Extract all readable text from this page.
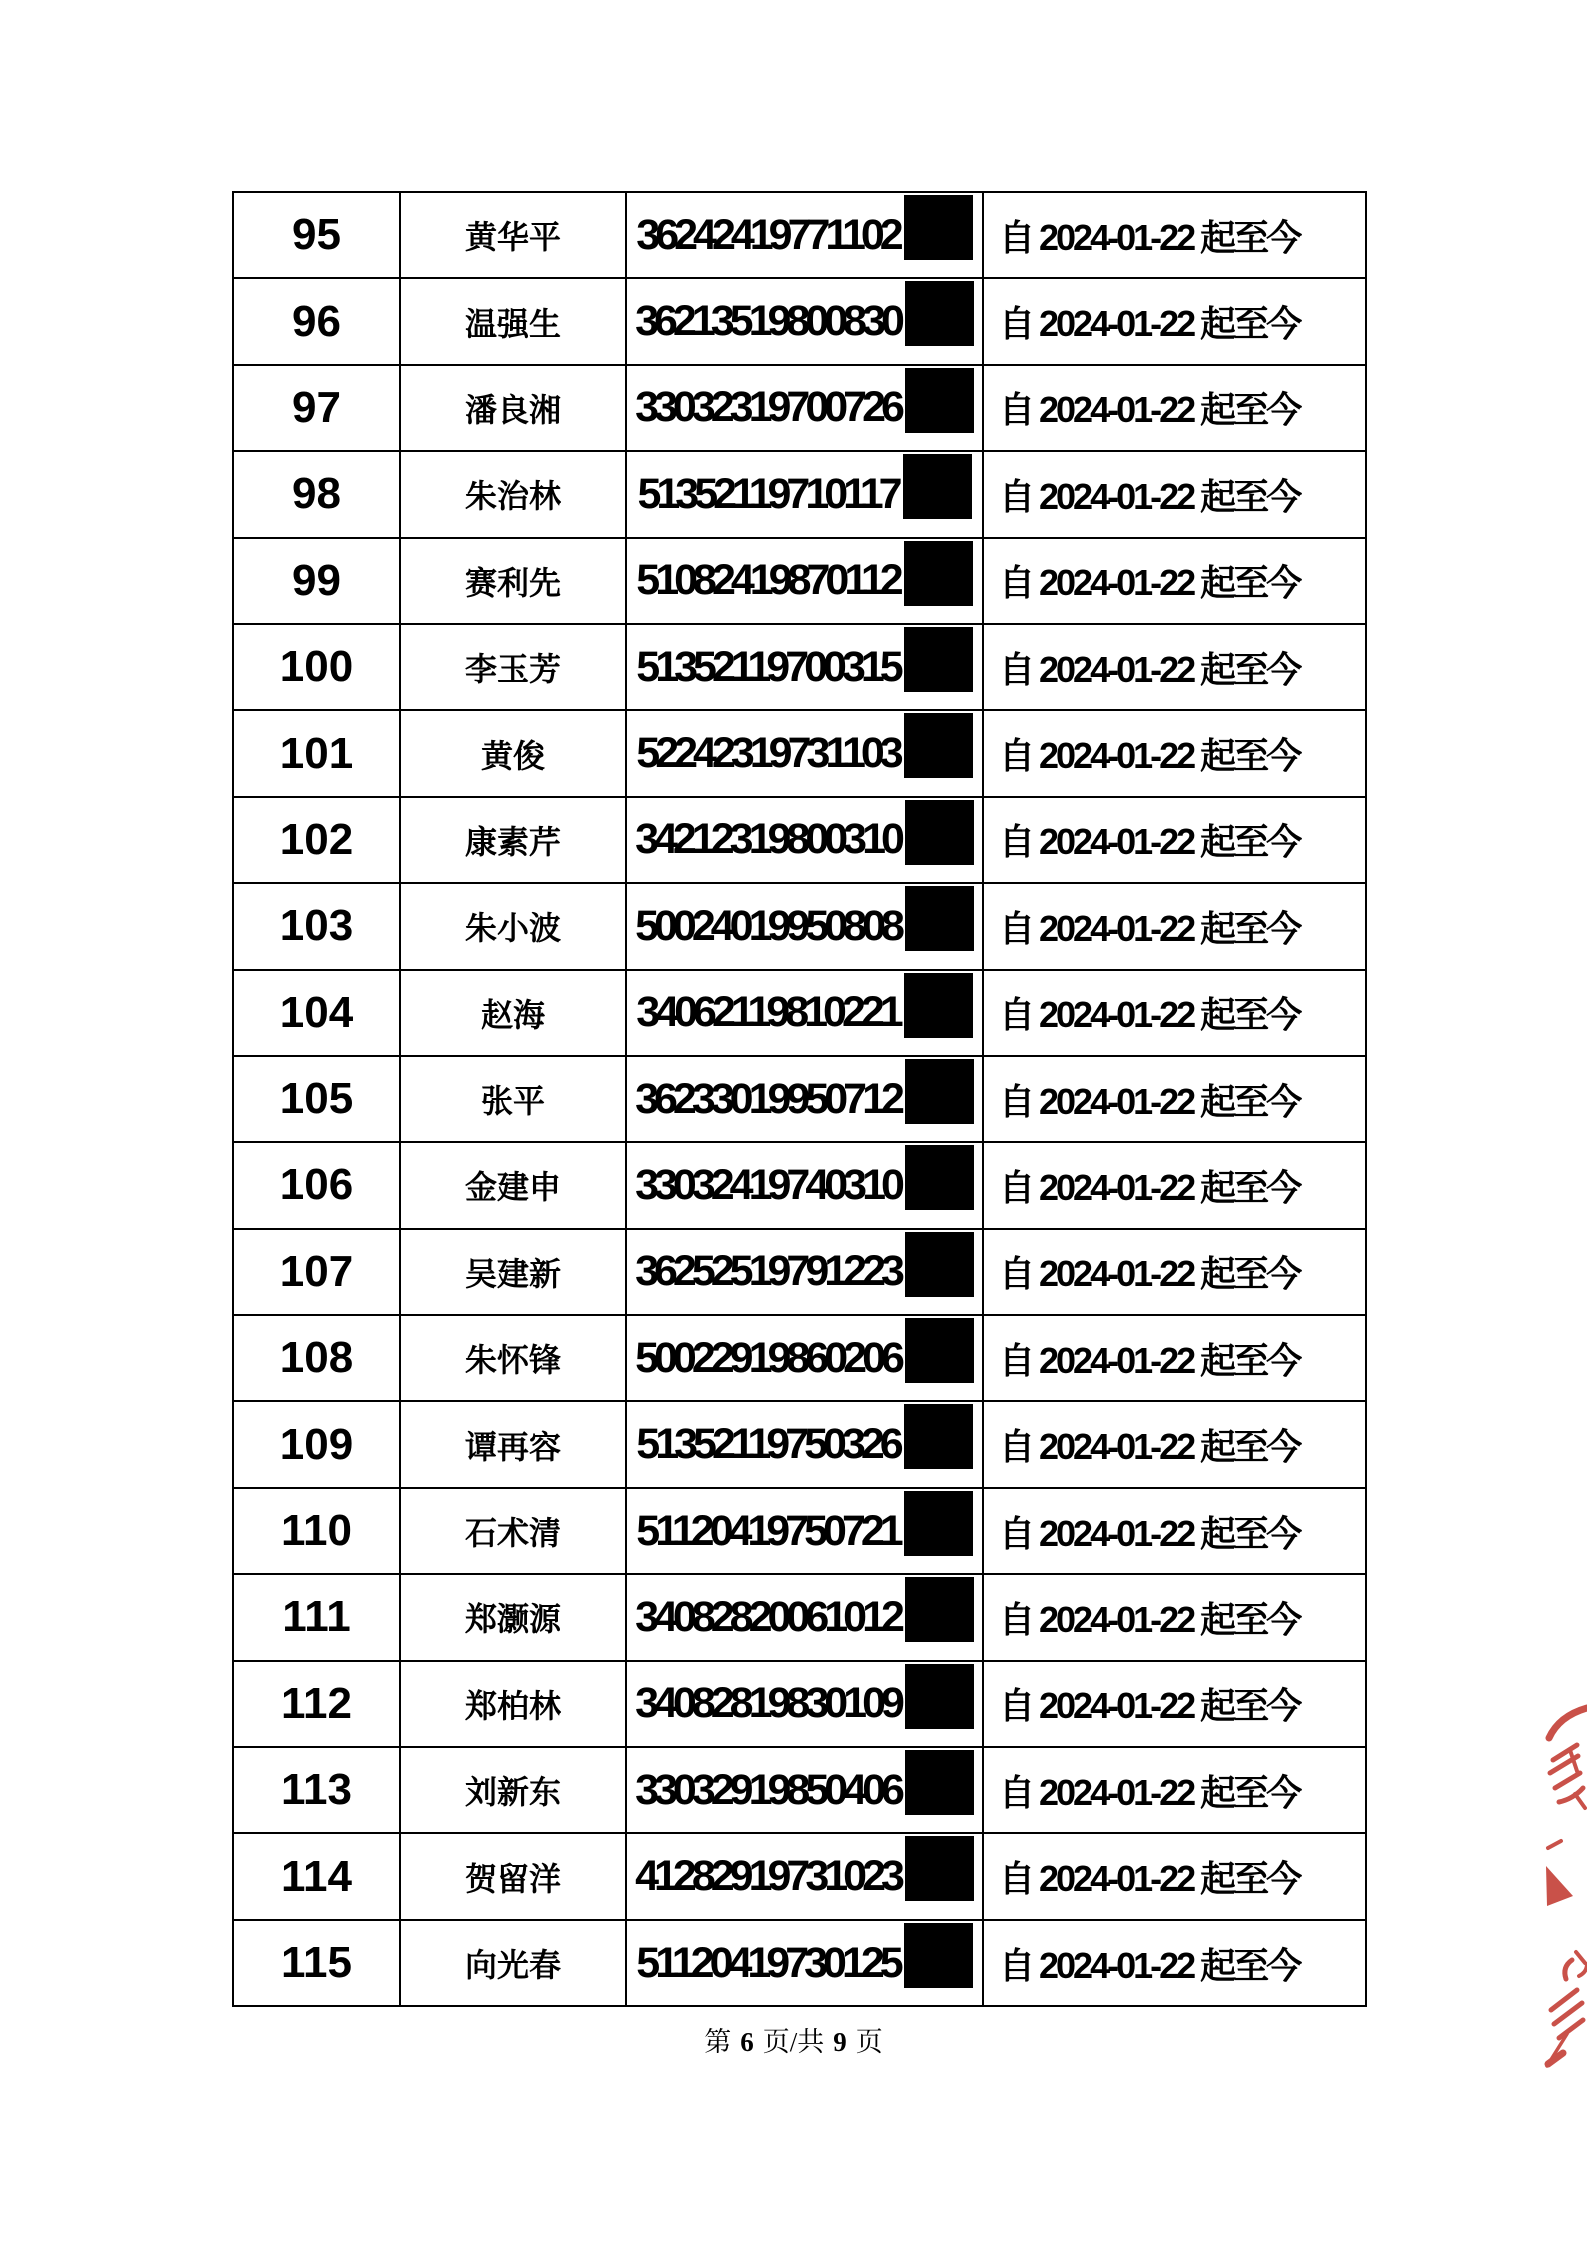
95	黄华平	36242419771102	自 2024-01-22 起至今
96	温强生	36213519800830	自 2024-01-22 起至今
97	潘良湘	33032319700726	自 2024-01-22 起至今
98	朱治林	51352119710117	自 2024-01-22 起至今
99	赛利先	51082419870112	自 2024-01-22 起至今
100	李玉芳	51352119700315	自 2024-01-22 起至今
101	黄俊	52242319731103	自 2024-01-22 起至今
102	康素芹	34212319800310	自 2024-01-22 起至今
103	朱小波	50024019950808	自 2024-01-22 起至今
104	赵海	34062119810221	自 2024-01-22 起至今
105	张平	36233019950712	自 2024-01-22 起至今
106	金建申	33032419740310	自 2024-01-22 起至今
107	吴建新	36252519791223	自 2024-01-22 起至今
108	朱怀锋	50022919860206	自 2024-01-22 起至今
109	谭再容	51352119750326	自 2024-01-22 起至今
110	石术清	51120419750721	自 2024-01-22 起至今
111	郑灏源	34082820061012	自 2024-01-22 起至今
112	郑柏林	34082819830109	自 2024-01-22 起至今
113	刘新东	33032919850406	自 2024-01-22 起至今
114	贺留洋	41282919731023	自 2024-01-22 起至今
115	向光春	51120419730125	自 2024-01-22 起至今
第 6 页/共 9 页
